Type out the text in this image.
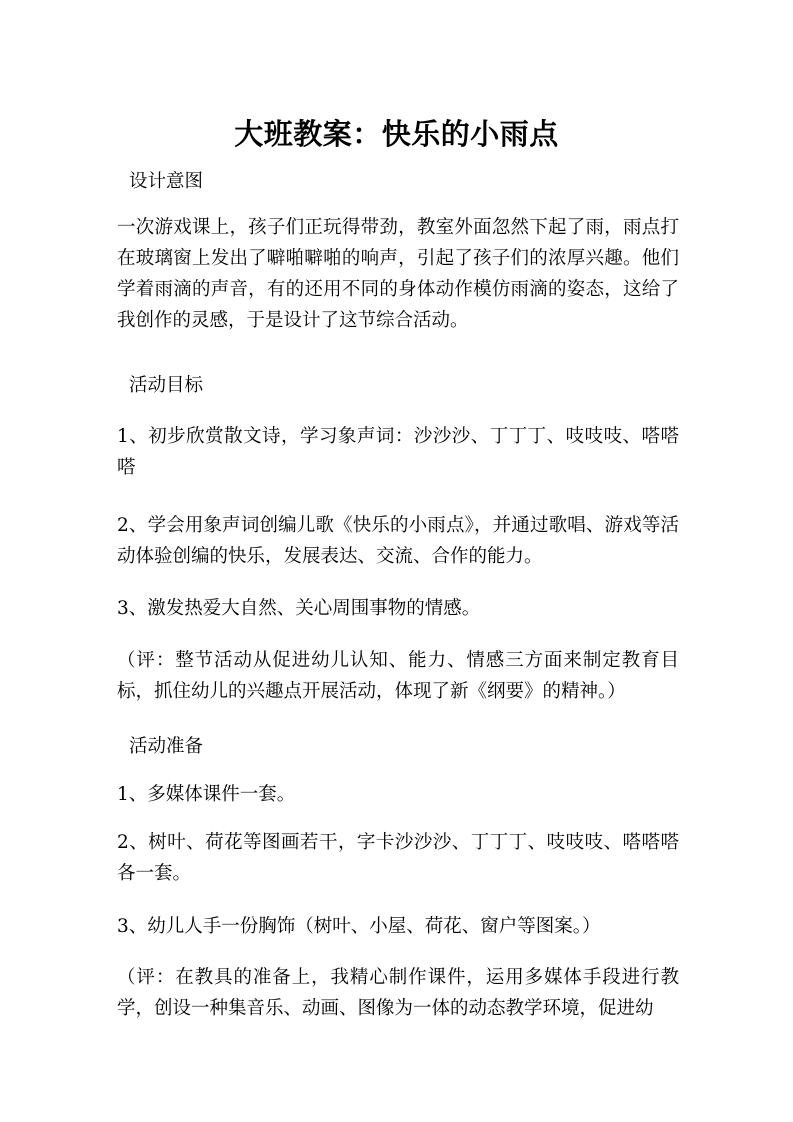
大班教案：快乐的小雨点

设计意图

一次游戏课上，孩子们正玩得带劲，教室外面忽然下起了雨，雨点打在玻璃窗上发出了噼啪噼啪的响声，引起了孩子们的浓厚兴趣。他们学着雨滴的声音，有的还用不同的身体动作模仿雨滴的姿态，这给了我创作的灵感，于是设计了这节综合活动。

活动目标

1、初步欣赏散文诗，学习象声词：沙沙沙、丁丁丁、吱吱吱、嗒嗒嗒

2、学会用象声词创编儿歌《快乐的小雨点》，并通过歌唱、游戏等活动体验创编的快乐，发展表达、交流、合作的能力。

3、激发热爱大自然、关心周围事物的情感。

（评：整节活动从促进幼儿认知、能力、情感三方面来制定教育目标，抓住幼儿的兴趣点开展活动，体现了新《纲要》的精神。）

活动准备

1、多媒体课件一套。

2、树叶、荷花等图画若干，字卡沙沙沙、丁丁丁、吱吱吱、嗒嗒嗒各一套。

3、幼儿人手一份胸饰（树叶、小屋、荷花、窗户等图案。）

（评：在教具的准备上，我精心制作课件，运用多媒体手段进行教学，创设一种集音乐、动画、图像为一体的动态教学环境，促进幼
